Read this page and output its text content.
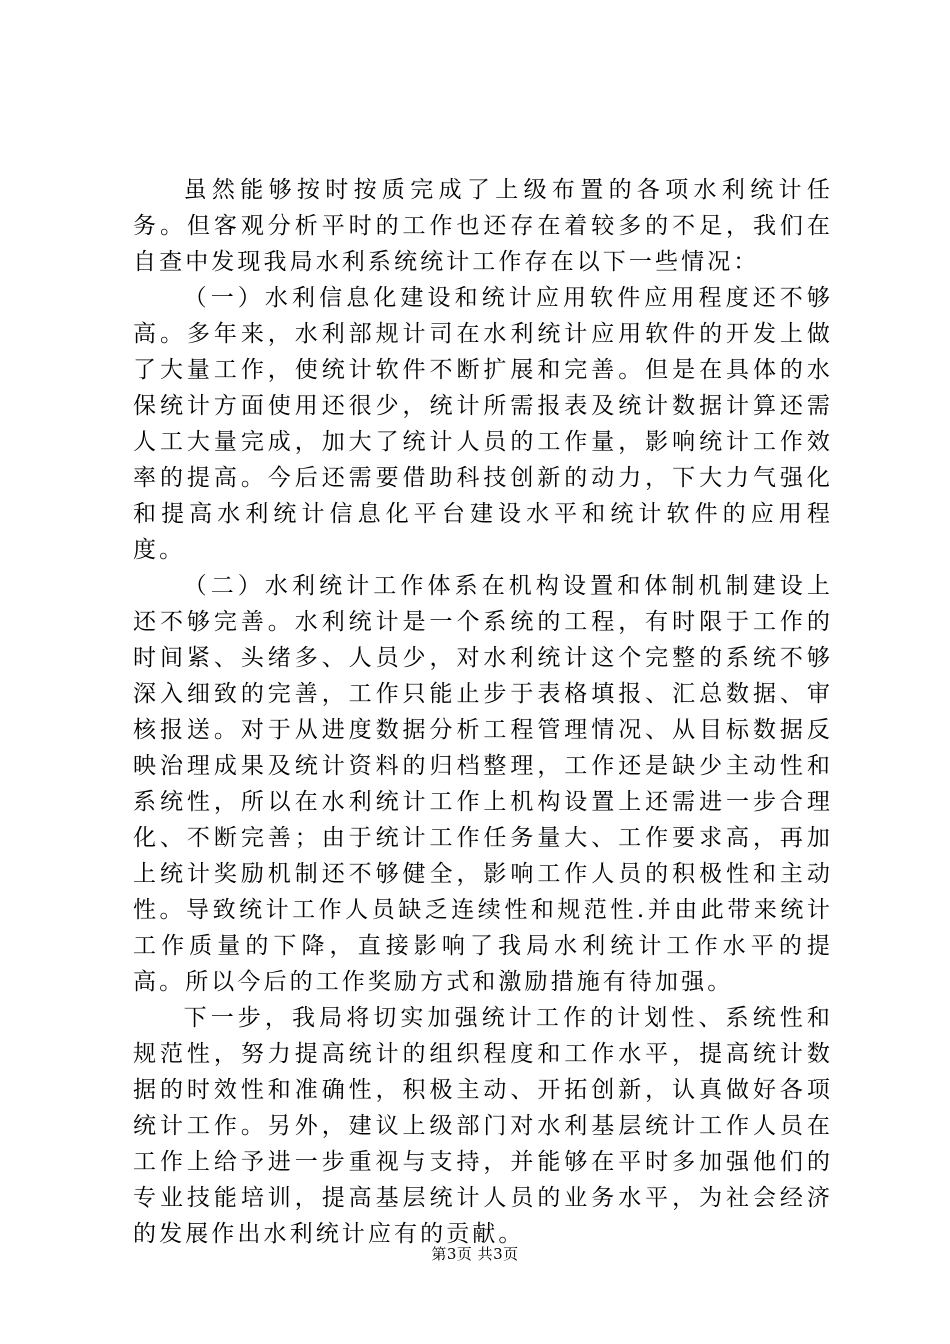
虽然能够按时按质完成了上级布置的各项水利统计任务。但客观分析平时的工作也还存在着较多的不足，我们在自查中发现我局水利系统统计工作存在以下一些情况：

（一）水利信息化建设和统计应用软件应用程度还不够高。多年来，水利部规计司在水利统计应用软件的开发上做了大量工作，使统计软件不断扩展和完善。但是在具体的水保统计方面使用还很少，统计所需报表及统计数据计算还需人工大量完成，加大了统计人员的工作量，影响统计工作效率的提高。今后还需要借助科技创新的动力，下大力气强化和提高水利统计信息化平台建设水平和统计软件的应用程度。

（二）水利统计工作体系在机构设置和体制机制建设上还不够完善。水利统计是一个系统的工程，有时限于工作的时间紧、头绪多、人员少，对水利统计这个完整的系统不够深入细致的完善，工作只能止步于表格填报、汇总数据、审核报送。对于从进度数据分析工程管理情况、从目标数据反映治理成果及统计资料的归档整理，工作还是缺少主动性和系统性，所以在水利统计工作上机构设置上还需进一步合理化、不断完善；由于统计工作任务量大、工作要求高，再加上统计奖励机制还不够健全，影响工作人员的积极性和主动性。导致统计工作人员缺乏连续性和规范性.并由此带来统计工作质量的下降，直接影响了我局水利统计工作水平的提高。所以今后的工作奖励方式和激励措施有待加强。

下一步，我局将切实加强统计工作的计划性、系统性和规范性，努力提高统计的组织程度和工作水平，提高统计数据的时效性和准确性，积极主动、开拓创新，认真做好各项统计工作。另外，建议上级部门对水利基层统计工作人员在工作上给予进一步重视与支持，并能够在平时多加强他们的专业技能培训，提高基层统计人员的业务水平，为社会经济的发展作出水利统计应有的贡献。

第3页 共3页
